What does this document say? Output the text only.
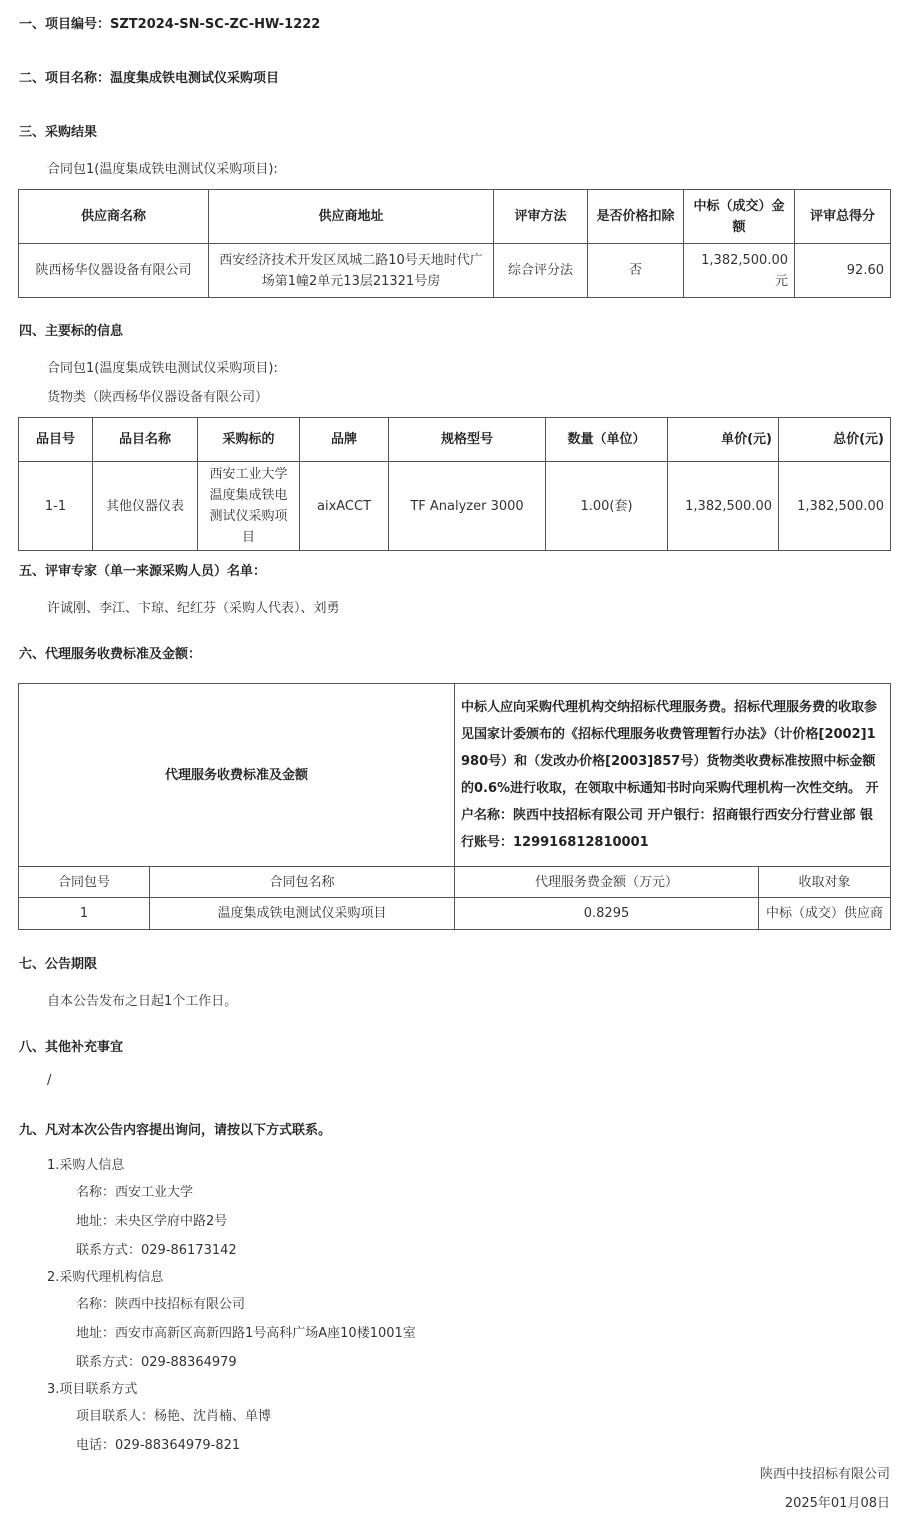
一、项目编号：SZT2024-SN-SC-ZC-HW-1222
二、项目名称：温度集成铁电测试仪采购项目
三、采购结果
合同包1(温度集成铁电测试仪采购项目):
供应商名称	供应商地址	评审方法	是否价格扣除	中标（成交）金额	评审总得分
陕西杨华仪器设备有限公司	西安经济技术开发区凤城二路10号天地时代广场第1幢2单元13层21321号房	综合评分法	否	1,382,500.00元	92.60
四、主要标的信息
合同包1(温度集成铁电测试仪采购项目):
货物类（陕西杨华仪器设备有限公司）
品目号	品目名称	采购标的	品牌	规格型号	数量（单位）	单价(元)	总价(元)
1-1	其他仪器仪表	西安工业大学温度集成铁电测试仪采购项目	aixACCT	TF Analyzer 3000	1.00(套)	1,382,500.00	1,382,500.00
五、评审专家（单一来源采购人员）名单：
许诚刚、李江、卞琼、纪红芬（采购人代表）、刘勇
六、代理服务收费标准及金额：
代理服务收费标准及金额	中标人应向采购代理机构交纳招标代理服务费。招标代理服务费的收取参见国家计委颁布的《招标代理服务收费管理暂行办法》（计价格[2002]1980号）和（发改办价格[2003]857号）货物类收费标准按照中标金额的0.6%进行收取，在领取中标通知书时向采购代理机构一次性交纳。 开户名称：陕西中技招标有限公司 开户银行：招商银行西安分行营业部 银行账号：129916812810001
合同包号	合同包名称	代理服务费金额（万元）	收取对象
1	温度集成铁电测试仪采购项目	0.8295	中标（成交）供应商
七、公告期限
自本公告发布之日起1个工作日。
八、其他补充事宜
/
九、凡对本次公告内容提出询问，请按以下方式联系。
1.采购人信息
名称：西安工业大学
地址：未央区学府中路2号
联系方式：029-86173142
2.采购代理机构信息
名称：陕西中技招标有限公司
地址：西安市高新区高新四路1号高科广场A座10楼1001室
联系方式：029-88364979
3.项目联系方式
项目联系人：杨艳、沈肖楠、单博
电话：029-88364979-821
陕西中技招标有限公司
2025年01月08日
